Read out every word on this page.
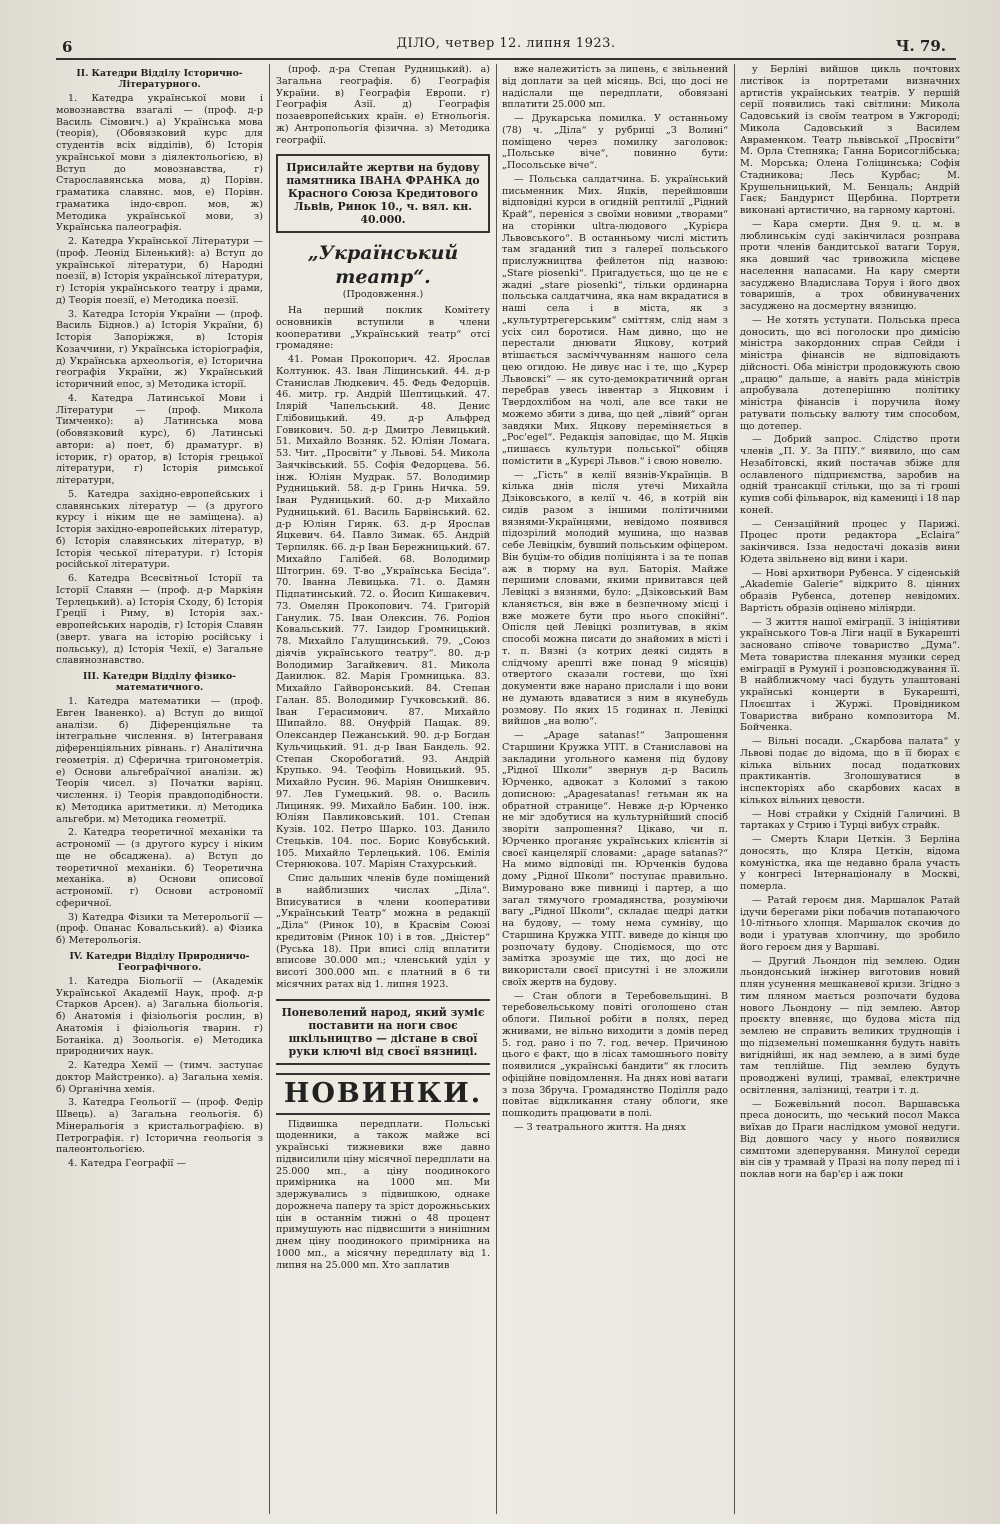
6	ДІЛО, четвер 12. липня 1923.	Ч. 79.
II. Катедри Відділу Історично-Літературного.

1. Катедра української мови і мовознавства взагалі — (проф. д-р Василь Сімович.) а) Українська мова (теорія), (Обовязковий курс для студентів всіх відділів), б) Історія української мови з діялектольогією, в) Вступ до мовознавства, г) Старославянська мова, д) Порівн. граматика славянс. мов, е) Порівн. граматика індо-європ. мов, ж) Методика української мови, з) Українська палеографія.

2. Катедра Української Літератури — (проф. Леонід Біленький): а) Вступ до української літератури, б) Народні поезії, в) Історія української літератури, г) Історія українського театру і драми, д) Теорія поезії, е) Методика поезії.

3. Катедра Історія України — (проф. Василь Біднов.) а) Історія України, б) Історія Запоріжжя, в) Історія Козаччини, г) Українська історіографія, д) Українська археольогія, е) Історична географія України, ж) Український історичний епос, з) Методика історії.

4. Катедра Латинської Мови і Літератури — (проф. Микола Тимченко): а) Латинська мова (обовязковий курс), б) Латинські автори: а) поет, б) драматург. в) історик, г) оратор, в) Історія грецької літератури, г) Історія римської літератури,

5. Катедра західно-европейських і славянських літератур — (з другого курсу і ніким ще не заміщена). а) Історія західно-европейських літератур, б) Історія славянських літератур, в) Історія чеської літератури. г) Історія російської літератури.

6. Катедра Всесвітньої Історії та Історії Славян — (проф. д-р Маркіян Терлецький). а) Історія Сходу, б) Історія Греції і Риму, в) Історія зах.-европейських народів, г) Історія Славян (зверт. увага на історію російську і польську), д) Історія Чехії, е) Загальне славянознавство.

III. Катедри Відділу фізико-математичного.

1. Катедра математики — (проф. Евген Іваненко). а) Вступ до вищої аналізи. б) Діференціяльне та інтегральне числення. в) Інтеграваня діференціяльних рівнань. г) Аналітична геометрія. д) Сферична тригонометрія. е) Основи альгебраїчної аналізи. ж) Теорія чисел. з) Початки варіяц. числення. і) Теорія правдоподібности. к) Методика аритметики. л) Методика альгебри. м) Методика геометрії.

2. Катедра теоретичної механіки та астрономії — (з другого курсу і ніким ще не обсаджена). а) Вступ до теоретичної механіки. б) Теоретична механіка. в) Основи описової астрономії. г) Основи астрономії сферичної.

3) Катедра Фізики та Метерольогії — (проф. Опанас Ковальський). а) Фізика б) Метерольогія.

IV. Катедри Відділу Природничо-Географічного.

1. Катедра Біольогії — (Академік Української Академії Наук, проф. д-р Старков Арсен). а) Загальна біольогія. б) Анатомія і фізіольогія рослин, в) Анатомія і фізіольогія тварин. г) Ботаніка. д) Зоольогія. е) Методика природничих наук.

2. Катедра Хемії — (тимч. заступає доктор Майстренко). а) Загальна хемія. б) Органічна хемія.

3. Катедра Геольогії — (проф. Федір Швець). а) Загальна геольогія. б) Мінеральогія з кристальографією. в) Петрографія. г) Історична геольогія з палеонтольогією.

4. Катедра Географії —

(проф. д-ра Степан Рудницький). а) Загальна географія. б) Географія України. в) Географія Европи. г) Географія Азії. д) Географія позаевропейських країн. е) Етнольогія. ж) Антропольогія фізична. з) Методика географії.

Присилайте жертви на будову памятника ІВАНА ФРАНКА до Красного Союза Кредитового Львів, Ринок 10., ч. вял. кн. 40.000.
„Український театр“.
(Продовження.)

На перший поклик Комітету основників вступили в члени кооперативи „Український театр“ отсі громадяне:

41. Роман Прокопорич. 42. Ярослав Колтунюк. 43. Іван Ліщинський. 44. д-р Станислав Людкевич. 45. Федь Федорців. 46. митр. гр. Андрій Шептицький. 47. Ілярій Чапельський. 48. Денис Глібовицький. 49. д-р Альфред Говикович. 50. д-р Дмитро Левицький. 51. Михайло Возняк. 52. Юліян Ломага. 53. Чит. „Просвіти“ у Львові. 54. Микола Заячківський. 55. Софія Федорцева. 56. інж. Юліян Мудрак. 57. Володимир Рудницький. 58. д-р Гринь Ничка. 59. Іван Рудницький. 60. д-р Михайло Рудницький. 61. Василь Барвінський. 62. д-р Юліян Гиряк. 63. д-р Ярослав Яцкевич. 64. Павло Зимак. 65. Андрій Терпиляк. 66. д-р Іван Бережницький. 67. Михайло Галібей. 68. Володимир Штогрин. 69. Т-во „Українська Бесіда“. 70. Іванна Левицька. 71. о. Дамян Підпатинський. 72. о. Йосип Кишакевич. 73. Омелян Прокопович. 74. Григорій Ганулик. 75. Іван Олексин. 76. Родіон Ковальський. 77. Ізидор Громницький. 78. Михайло Галущинський. 79. „Союз діячів українського театру“. 80. д-р Володимир Загайкевич. 81. Микола Данилюк. 82. Марія Громницька. 83. Михайло Гайворонський. 84. Степан Галан. 85. Володимир Гучковський. 86. Іван Герасимович. 87. Михайло Шипайло. 88. Онуфрій Пащак. 89. Олександер Пежанський. 90. д-р Богдан Кульчицький. 91. д-р Іван Бандель. 92. Степан Скоробогатий. 93. Андрій Крупько. 94. Теофіль Новицький. 95. Михайло Русин. 96. Марiян Онишкевич. 97. Лев Гумецький. 98. о. Василь Лициняк. 99. Михайло Бабин. 100. інж. Юліян Павликовський. 101. Степан Кузів. 102. Петро Шарко. 103. Данило Стецьків. 104. пос. Борис Ковубський. 105. Михайло Терлецький. 106. Емілія Стернюкова. 107. Марiян Стахурський.

Спис дальших членів буде поміщений в найблизших числах „Діла“. Вписуватися в члени кооперативи „Український Театр“ можна в редакції „Діла“ (Ринок 10), в Красвім Союзі кредитовім (Ринок 10) і в тов. „Дністер“ (Руська 18). При вписі слід вплатити вписове 30.000 мп.; членський уділ у висоті 300.000 мп. є платний в 6 ти місячних ратах від 1. липня 1923.

Поневолений народ, який зуміє поставити на ноги своє шкільництво — дістане в свої руки ключі від своєї вязниці.
НОВИНКИ.

Підвишка передплати. Польські щоденники, а також майже всі українські тижневики вже давно підвисилили ціну місячної передплати на 25.000 мп., а ціну поодинокого примірника на 1000 мп. Ми здержувались з підвишкою, однаке дорожнеча паперу та зріст дорожньських цін в останнім тижні о 48 процент примушують нас підвисшити з нинішним днем ціну поодинокого примірника на 1000 мп., а місячну передплату від 1. липня на 25.000 мп. Хто заплатив

вже належитість за липень, є звільнений від доплати за цей місяць. Всі, що досі не надіслали ще передплати, обовязані вплатити 25.000 мп.

— Друкарська помилка. У останньому (78) ч. „Діла“ у рубриці „З Волині“ поміщено через помилку заголовок: „Польське віче“, повинно бути: „Посольське віче“.

— Польська салдатчина. Б. український письменник Мих. Яцків, перейшовши відповідні курси в огидній рептилії „Рідний Край“, переніся з своїми новими „творами“ на сторінки ultra-людового „Курієра Львовського“. В останньому числі містить там згаданий тип з галереї польського прислужництва фейлетон під назвою: „Stare piosenki“. Пригадується, що це не є жадні „stare piosenki“, тільки ординарна польська салдатчина, яка нам вкрадатися в наші села і в міста, як з „культуртрегерським“ сміттям, слід нам з усіх сил боротися. Нам дивно, що не перестали днювати Яцкову, котрий втішається засміччуванням нашого села цею огидою. Не дивує нас і те, що „Курєр Львовскі“ — як суто-демократичний орган перебрав увесь інвентар з Яцковим і Твердохлібом на чолі, але все таки не можемо збити з дива, що цей „лівий“ орган завдяки Мих. Яцкову переміняється в „Poc'egel“. Редакція заповідає, що М. Яцків „пишаєсь культури польської“ обіцяв помістити в „Курєрі Львов.“ і свою новелю.

— „Гість“ в келії вязнів-Українців. В кілька днів після утечі Михайла Дзіковського, в келії ч. 46, в котрій він сидів разом з іншими політичними вязнями-Українцями, невідомо появився підозрілий молодий мушина, що назвав себе Левіцкім, бувший польським офіцером. Він буцім-то обідив поліціянта і за те попав аж в тюрму на вул. Баторія. Майже першими словами, якими привитався цей Левіцкі з вязнями, було: „Дзіковський Вам кланяється, він вже в безпечному місці і вже можете бути про нього спокійні“. Опісля цей Левіцкі розпитував, в якім способі можна писати до знайомих в місті і т. п. Вязні (з котрих деякі сидять в слідчому арешті вже понад 9 місяців) отвертого сказали гостеви, що їхні документи вже нарано прислали і що вони не думають вдаватися з ним в якунебудь розмову. По яких 15 годинах п. Левіцкі вийшов „на волю“.

— „Apage satanas!“ Запрошення Старшини Кружка УПТ. в Станиславові на закладини угольного каменя під будову „Рідної Школи“ звернув д-р Василь Юрченко, адвокат з Коломиї з такою дописною: „Apagesatanas! гетьман як на обратной странице“. Невже д-р Юрченко не міг здобутися на культурнійший спосіб зворіти запрошення? Цікаво, чи п. Юрченко проганяє українських клієнтів зі своєї канцелярії словами: „apage satanas?“ На мимо відповіді пн. Юрченків будова дому „Рідної Школи“ поступає правильно. Вимуровано вже пивниці і партер, а що загал тямучого громадянства, розуміючи вагу „Рідної Школи“, складає щедрі датки на будову, — тому нема сумніву, що Старшина Кружка УПТ. виведе до кінця цю розпочату будову. Сподіємося, що отс замітка зрозуміє ще тих, що досі не використали своєї присутні і не зложили своїх жертв на будову.

— Стан облоги в Теребовельщині. В теребовельському повіті оголошено стан облоги. Пильної робіти в полях, перед жнивами, не вільно виходити з домів перед 5. год. рано і по 7. год. вечер. Причиною цього є факт, що в лісах тамошнього повіту появилися „українські бандити“ як глосить офіційне повідомлення. На днях нові ватаги з поза Збруча. Громадянство Поділля радо повітає відкликання стану облоги, яке пошкодить працювати в полі.

— З театрального життя. На днях

у Берліні вийшов цикль почтових листівок із портретами визначних артистів українських театрів. У першій серії появились такі світлини: Микола Садовський із своїм театром в Ужгороді; Микола Садовський з Василем Авраменком. Театр львівської „Просвіти“ М. Орла Степняка; Ганна Борисоглібська; М. Морська; Олена Голіцинська; Софія Стадникова; Лесь Курбас; М. Крушельницький, М. Бенцаль; Андрій Гаєк; Бандурист Щербина. Портрети виконані артистично, на гарному картоні.

— Кара смерти. Дня 9. ц. м. в люблинськім суді закінчилася розправа проти членів бандитської ватаги Торуя, яка довший час тривожила місцеве населення напасами. На кару смерти засуджено Владислава Торуя і його двох товаришів, а трох обвинувачених засуджено на досмертну вязницю.

— Не хотять уступати. Польська преса доносить, що всі поголоски про димісію міністра закордонних справ Сейди і міністра фінансів не відповідають дійсності. Оба міністри продовжують свою „працю“ дальше, а навіть рада міністрів апробувала дотеперішню політику міністра фінансів і поручила йому ратувати польську валюту тим способом, що дотепер.

— Добрий запрос. Слідство проти членів „П. У. За ППУ.“ виявило, що сам Незабітовскі, який постачав збіже для ославленого підприємства, заробив на одній трансакції стільки, що за ті гроші купив собі фільварок, від камениці і 18 пар коней.

— Сензаційний процес у Парижі. Процес проти редактора „Eclaira“ закінчився. Ізза недостачі доказів вини Юдета звільнено від вини і кари.

— Нові архитвори Рубенса. У сіденській „Akademie Galerie“ відкрито 8. цінних образів Рубенса, дотепер невідомих. Вартість образів оцінено міліярди.

— З життя нашої еміграції. З ініціятиви українського Тов-а Ліги нації в Букарешті засновано співоче товариство „Дума“. Мета товариства плекання музики серед еміграції в Румунії і розповсюджування її. В найближчому часі будуть улаштовані українські концерти в Букарешті, Плоєштах і Журжі. Провідником Товариства вибрано композитора М. Бойченка.

— Вільні посади. „Скарбова палата“ у Львові подає до відома, що в її бюрах є кілька вільних посад податкових практикантів. Зголошуватися в інспекторіях або скарбових касах в кількох вільних цевости.

— Нові страйки у Східній Галичині. В тартаках у Стрию і Турці вибух страйк.

— Смерть Клари Цеткін. З Берліна доносять, що Кляра Цеткін, відома комуністка, яка ще недавно брала участь у конгресі Інтернаціоналу в Москві, померла.

— Ратай героєм дня. Маршалок Ратай ідучи берегами ріки побачив потапаючого 10-літнього хлопця. Маршалок скочив до води і уратував хлопчину, що зробило його героєм дня у Варшаві.

— Другий Льондон під землею. Один льондонський інжінер виготовив новий плян усунення мешканевої кризи. Згідно з тим пляном мається розпочати будова нового Льондону — під землею. Автор проєкту впевняє, що будова міста під землею не справить великих труднощів і що підземельні помешкання будуть навіть вигіднійші, як над землею, а в зимі буде там теплійше. Під землею будуть проводжені вулиці, трамваї, електричне освітлення, залізниці, театри і т. д.

— Божевільний посол. Варшавська преса доносить, що чеський посол Макса виїхав до Праги наслідком умової недуги. Від довшого часу у нього появилися симптоми здеперування. Минулої середи він сів у трамвай у Празі на полу перед пі і поклав ноги на бар'єр і аж поки
